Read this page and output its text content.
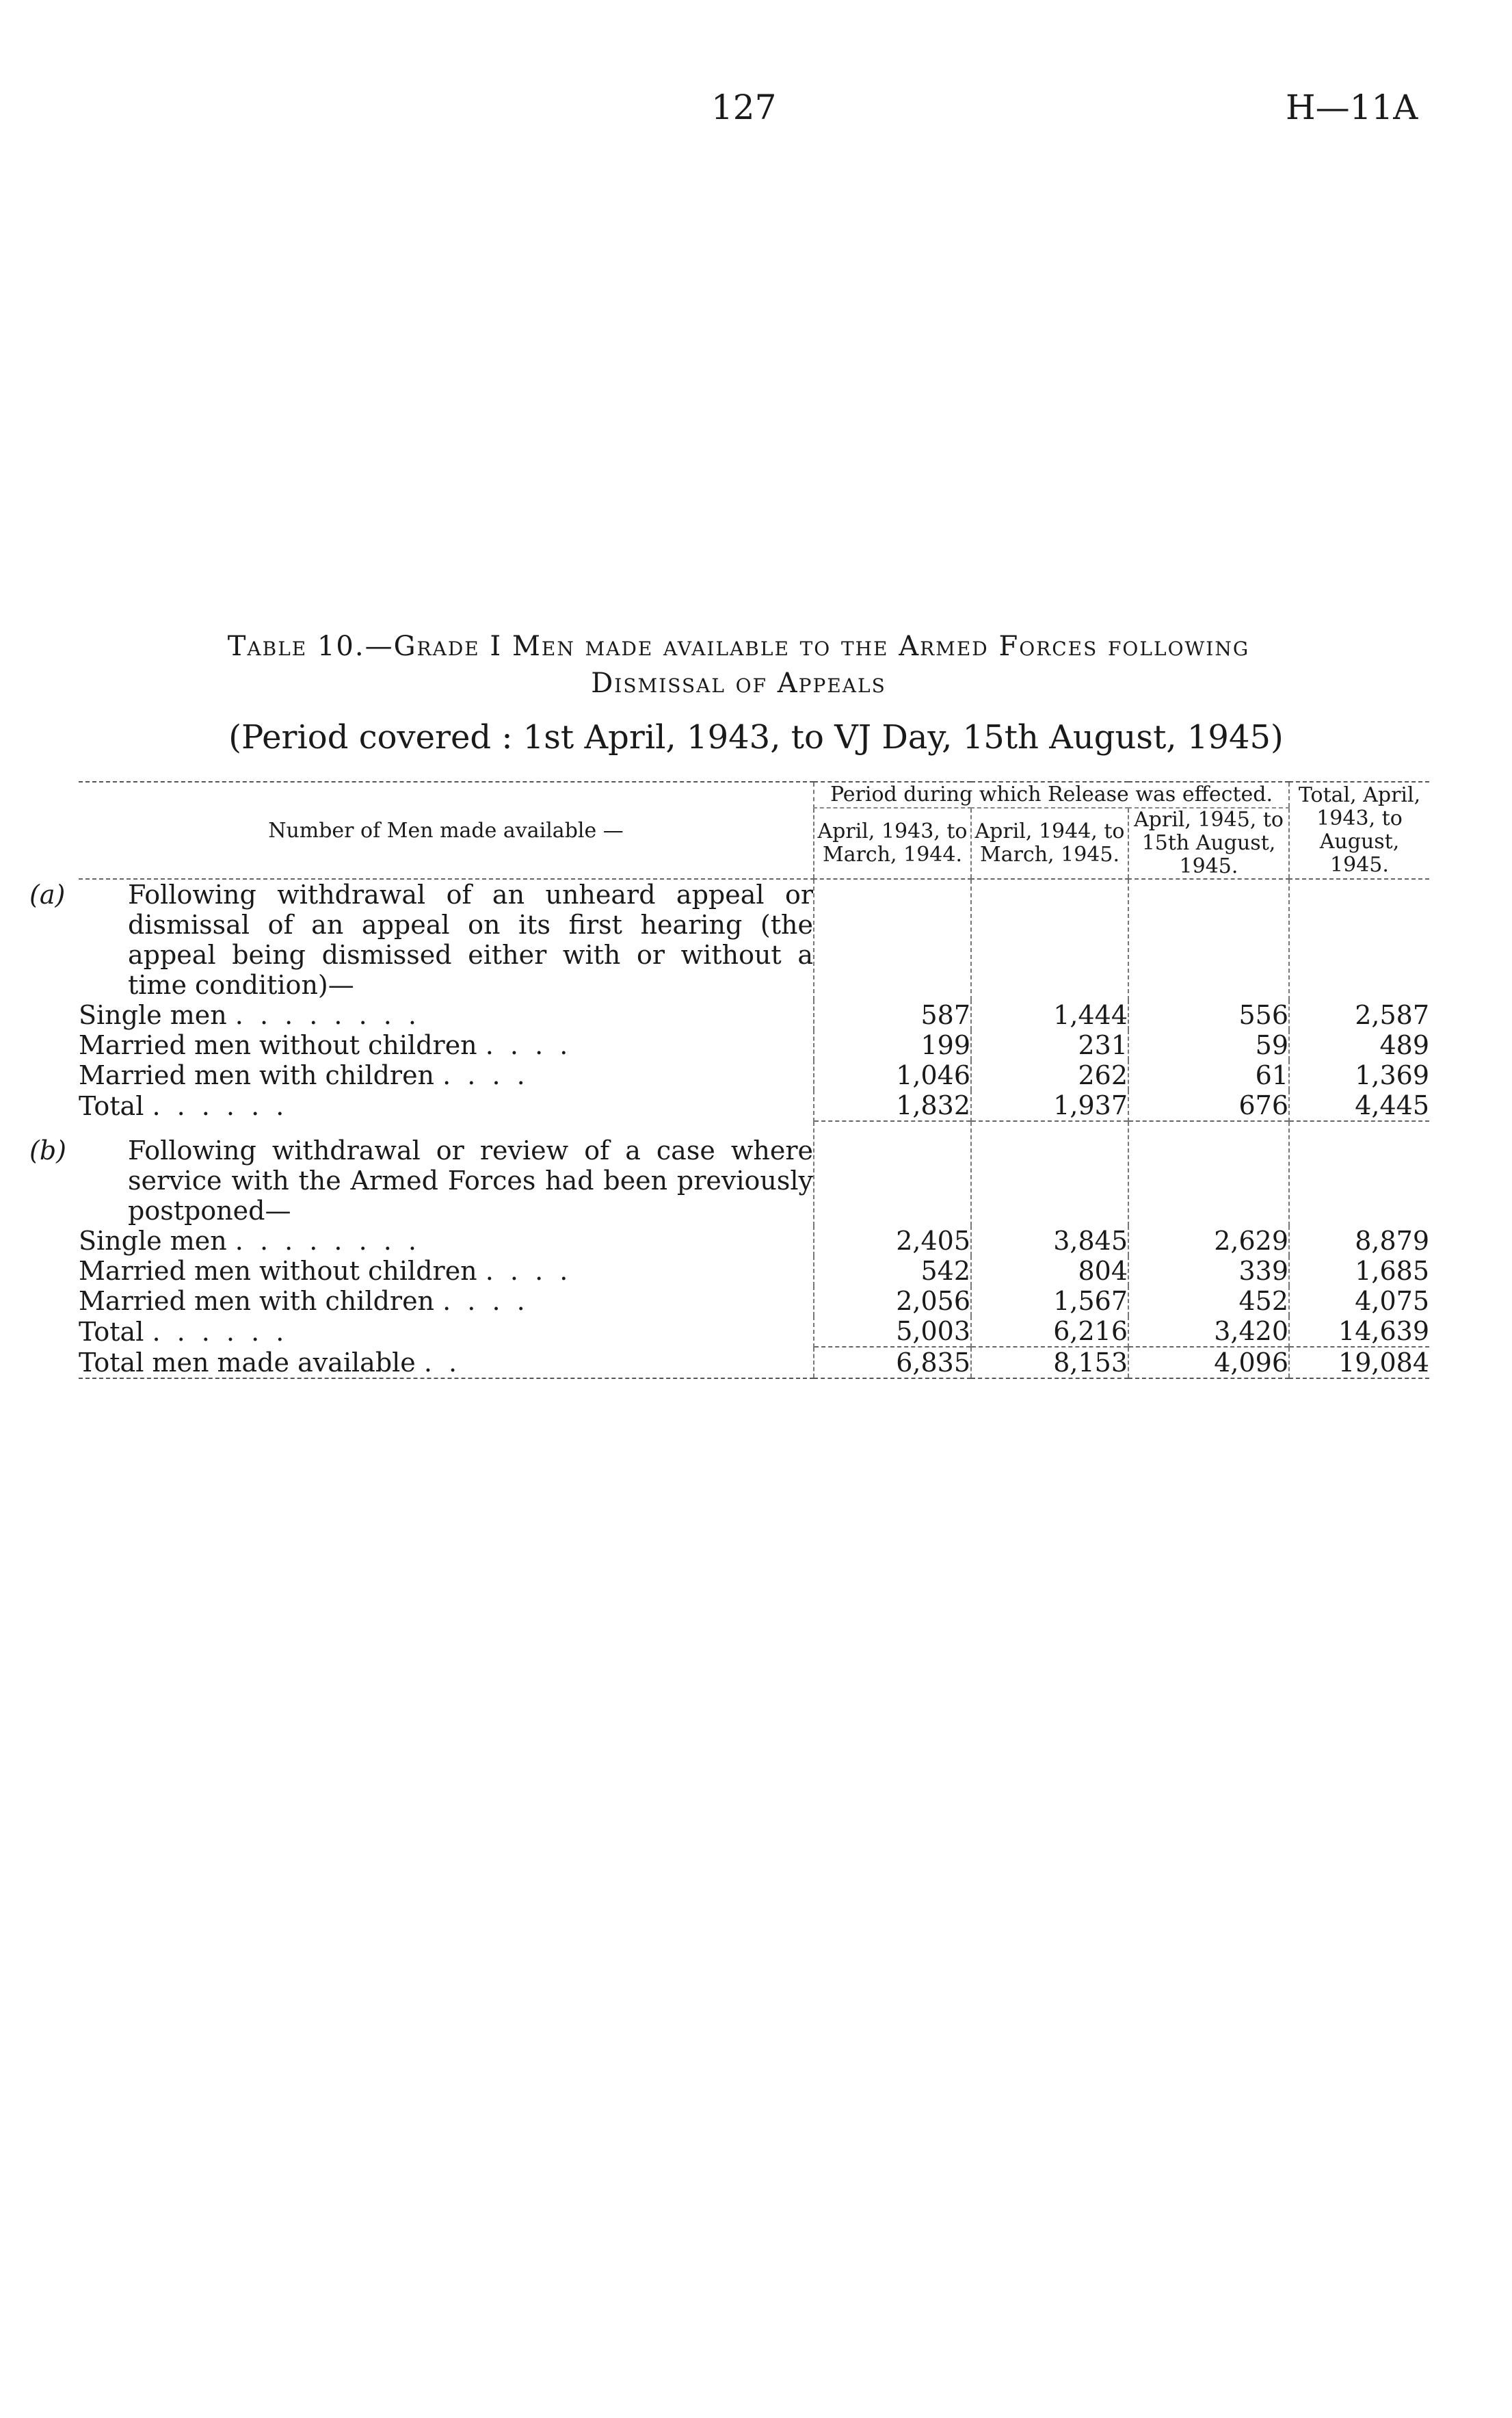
127	H—11A
Table 10.—Grade I Men made available to the Armed Forces following
Dismissal of Appeals
(Period covered : 1st April, 1943, to VJ Day, 15th August, 1945)

Number of Men made available —	Period during which Release was effected.			Total, April, 1943, to August, 1945.
	April, 1943, to March, 1944.	April, 1944, to March, 1945.	April, 1945, to 15th August, 1945.	

(a) Following withdrawal of an unheard appeal or dismissal of an appeal on its first hearing (the appeal being dismissed either with or without a time condition)—				

Single men . . . . . . . .	587	1,444	556	2,587
Married men without children . . . .	199	231	59	489
Married men with children . . . .	1,046	262	61	1,369
Total . . . . . .	1,832	1,937	676	4,445

(b) Following withdrawal or review of a case where service with the Armed Forces had been previously postponed—				

Single men . . . . . . . .	2,405	3,845	2,629	8,879
Married men without children . . . .	542	804	339	1,685
Married men with children . . . .	2,056	1,567	452	4,075
Total . . . . . .	5,003	6,216	3,420	14,639

Total men made available . .	6,835	8,153	4,096	19,084
